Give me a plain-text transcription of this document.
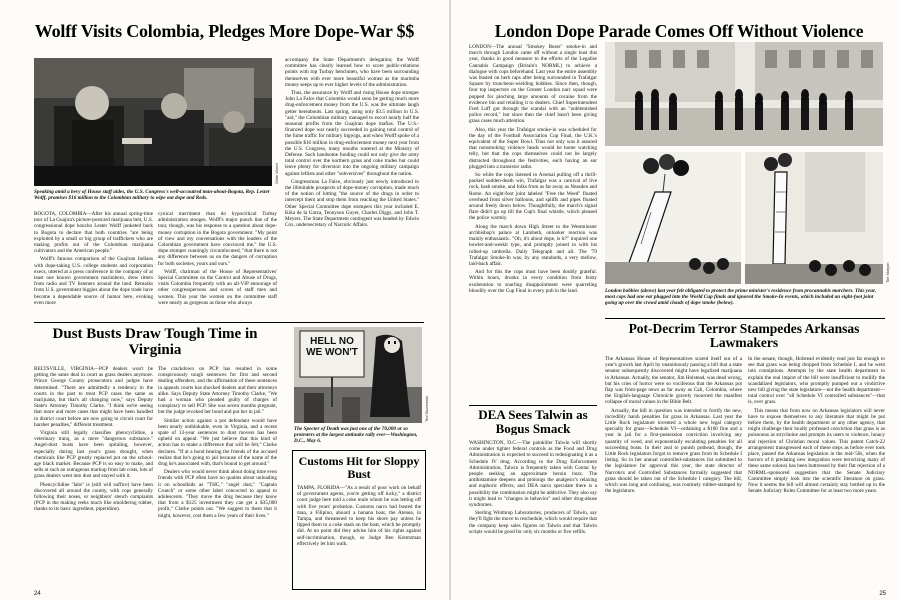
Wolff Visits Colombia, Pledges More Dope-War $$
Wide World
Speaking amid a bevy of House staff aides, the U.S. Congress's well-accoutred man-about-Bogota, Rep. Lester Wolff, promises $16 million to the Colombian military to wipe out dope and Reds.

BOGOTA, COLOMBIA—After his annual spring-time tour of La Guajira's picture-postcard marijuana belt, U.S. congressional dope honcho Lester Wolff junketed back to Bogota to declare that both countries "are being exploited by a small or big group of traffickers who are making profits out of the Colombian marijuana cultivators and the American people."

Wolff's fatuous comparison of the Guajiran Indians with dope-taking U.S. college students and corporation execs, uttered at a press conference in the company of at least one known government marimbero, drew titters from radio and TV listeners around the land. Remarks from U.S. government biggies about the dope trade have become a dependable source of humor here, evoking even more

cynical merriment than do hypocritical Turbay administration stooges. Wolff's major punch line of the tour, though, was his response to a question about dope-money corruption in the Bogota government. "My point of view and my conversations with the leaders of the Colombian government have convinced me," the U.S. dope stomper cunningly circumlocuted, "that there is not any difference between us on the dangers of corruption for both societies, yours and ours."

Wolff, chairman of the House of Representatives' Special Committee on the Control and Abuse of Drugs, visits Colombia frequently with an all-VIP entourage of other congresspersons and scores of staff men and women. This year the women on the committee staff were nearly as gorgeous as those who always

accompany the State Department's delegation; the Wolff committee has clearly learned how to score public-relations points with top Turbay henchmen, who have been surrounding themselves with ever more beautiful women as the marimba money seeps up to ever higher levels of the administration.

Thus, the assurance by Wolff and rising House dope stomper John La Falce that Colombia would soon be getting much more drug-enforcement money from the U.S. was the ultimate laugh getter hereabouts. Last spring, using only $3.5 million in U.S. "aid," the Colombian military managed to escort nearly half the seasonal profits from the Guajiran dope mafias. The U.S.-financed dope war nearly succeeded in gaining total control of the fume traffic for military bigwigs, and when Wolff spoke of a possible $16 million in drug-enforcement money next year from the U.S. Congress, many mouths watered at the Ministry of Defense. Such handsome funding could not only give the army total control over the northern grass and coke trades but could leave plenty for diversion into the ongoing military campaign against leftists and other "subversives" throughout the nation.

Congressman La Falce, obviously just newly introduced to the illimitable prospects of dope-money corruption, made much of the notion of hitting "the source of the drugs in order to intercept them and stop them from reaching the United States." Other Special Committee dope stompers this year included E. Kika de la Garza, Tennyson Guyer, Charles Diggs, and John T. Meyers. The State Department contingent was headed by Edwin Cox, undersecretary of Narcotic Affairs.

Dust Busts Draw Tough Time in Virginia

BELTSVILLE, VIRGINIA—PCP dealers won't be getting the same deal in court as grass dealers anymore. Prince George County prosecutors and judges have determined. "There are admittedly a tendency in the courts in the past to treat PCP cases the same as marijuana, but that's all changing now," says Deputy State's Attorney Timothy Clarke. "I think we're seeing that more and more cases that might have been handled in district court before are now going to circuit court for harsher penalties," different treatment.

Virginia still legally classifies phencyclidine, a veterinary tranq, as a mere "dangerous substance." Angel-dust busts have been spiraling, however, especially during last year's grass drought, when chemicals like PCP greatly replaced pot on the school-age black market. Because PCP is so easy to make, and sells at such an outrageous markup from lab costs, lots of grass dealers went into dust and stayed with it.

Phencyclidine "labs" is (still will suffice) have been discovered all around the county, with cops generally following their noses, or neighbors' stench complaints (PCP in the making reeks much like smoldering rubber, thanks to its basic ingredient, piperidine).

The crackdown on PCP has resulted in some conspicuously tough sentences for first and second dealing offenders, and the affirmation of these sentences in appeals courts has shocked dealers and their attorneys alike. Says Deputy State Attorney Timothy Clarke, "We had a woman who pleaded guilty of charges of conspiracy to sell PCP. She was seven months pregnant, but the judge revoked her bond and put her in jail."

Similar action against a pot defendant would have been nearly unthinkable, even in Virginia, and a recent spate of 13-year sentences to dust movers has been upheld on appeal. "We just believe that this kind of action has to make a difference that will be felt," Clarke declares. "If at a bond hearing the friends of the accused realize that he's going to jail because of the name of the drug he's associated with, that's bound to get around."

Dealers who would never think about doing time even friends with PCP often have no qualms about unloading it on schoolkids as "THC," "angel dust," "Captain Crunch" or some other label concocted to appeal to adolescents. "They move the drug because they know that from a $125 investment they can get a $35,000 profit," Clarke points out. "We suggest to them that it might, however, cost them a few years of their lives."

HELL NO
WE WON'T
Ted Skorewski
The Specter of Death was just one of the 70,000 or so protesters at the largest antinuke rally ever—Washington, D.C., May 6.
Customs Hit for Sloppy Bust

TAMPA, FLORIDA—"As a result of poor work on behalf of government agents, you're getting off lucky," a district court judge here told a coke mule whom he was letting off with five years' probation. Customs narcs had busted the man, a Filipino, aboard a banana boat, the Atenea, in Tampa, and threatened to keep his shore pay unless he tipped them to a coke stash on the boat, which he promptly did. At no point did they advise him of his rights against self-incrimination, though, so Judge Ben Krentzman effectively let him walk.

24
London Dope Parade Comes Off Without Violence

LONDON—The annual "Smokey Bears" smoke-in and march through London came off without a single bust this year, thanks in good measure to the efforts of the Legalise Cannabis Campaign (Britain's NORML) to achieve a dialogue with cops beforehand. Last year the entire assembly was busted on herb raps after being surrounded in Trafalgar Square by truncheon-wielding bobbies. Since then, though, four top inspectors on the Greater London narc squad were popped for pinching large amounts of cocaine from the evidence bin and retailing it to dealers. Chief Superintendent Fred Luff got through the scandal with an "unblemished police record," but since then the chief hasn't been giving grass cases much attention.

Also, this year the Trafalgar smoke-in was scheduled for the day of the Football Association Cup Final, the U.K.'s equivalent of the Super Bowl. Thus not only was it assured that nonsmoking violence heads would be home watching telly, but that the cops themselves could not be largely distracted throughout the festivities, each having an ear plugged into a transistor radio.

So while the cops listened to Arsenal pulling off a thrill-packed sudden-death win, Trafalgar was a carnival of live rock, hash smoke, and folks from as far away as Neasden and Rome. An eight-foot joint labeled "Free the Weed" floated overhead from silver balloons, and spliffs and pipes floated around freely down below. Thoughtfully, the march's signal flare didn't go up till the Cup's final whistle, which pleased the police warmly.

Along the march down High Street to the Westminster archbishop's palace at Lambeth, onlooker reaction was mainly enthusiastic. "Oh, it's about dope, is it?" inquired one bowler-and-weskit type, and promptly joined in with his rolled-up umbrella. Daily Telegraph and all. The '79 Trafalgar Smoke-In was, by any standards, a very mellow, laid-back affair.

And for this the cops must have been doubly grateful. Within hours, drunks in every condition from feisty exuberation to snarling disappointment were quarreling bloodily over the Cup Final in every pub in the land.

Tim Malyon
London bobbies (above) last year felt obligated to protect the prime minister's residence from procannabis marchers. This year, most cops had one ear plugged into the World Cup finals and ignored the Smoke-In events, which included an eight-foot joint going up over the crowd amid clouds of dope smoke (below).
DEA Sees Talwin as Bogus Smack

WASHINGTON, D.C.—The painkiller Talwin will shortly come under tighter federal controls as the Food and Drug Administration is expected to succeed in redesignating it as a Schedule IV drug. According to the Drug Enforcement Administration, Talwin is frequently taken with Contac by people seeking an approximate heroin buzz. The antihistamine deepens and prolongs the analgesic's relaxing and euphoric effects, and DEA narcs speculate there is a possibility the combination might be addictive. They also say it might lead to "changes in behavior" and other drug-abuse syndromes.

Sterling Winthrop Laboratories, producers of Talwin, say they'll fight the move to reschedule, which would require that the company keep sales figures on Talwin and that Talwin scripts would be good for only six months or five refills.

Pot-Decrim Terror Stampedes Arkansas Lawmakers

The Arkansas House of Representatives scared itself out of a year's growth last April by unanimously passing a bill that a state senator subsequently discovered might have legalized marijuana in Arkansas. Actually, the senator, Jim Holstead, was dead wrong, but his cries of horror were so vociferous that the Arkansas pot flap was front-page news as far away as Cali, Colombia, where the English-language Chronicle gravely mourned the manifest collapse of moral values in the Bible Belt.

Actually, the bill in question was intended to fortify the new, incredibly harsh penalties for grass in Arkansas. Last year the Little Rock legislature invented a whole new legal category specially for grass—Schedule VI—ordaining a $100 fine and a year in jail for a first-possession conviction involving any quantity of weed, and exponentially escalating penalties for all succeeding busts. In their zeal to punish pothead, though, the Little Rock legislators forgot to remove grass from its Schedule I listing. So in her annual controlled-substances list submitted to the legislature for approval this year, the state director of Narcotics and Controlled Substances formally suggested that grass should be taken out of the Schedule I category. The bill, which was long and confusing, was routinely rubber-stamped by the legislature.

In the senate, though, Holstead evidently read just far enough to see that grass was being dropped from Schedule I, and he went into conniptions. Attempts by the state health department to explain the real import of the bill were insufficient to mollify the scandalized legislators, who promptly pumped out a vindictive new bill giving the state legislature—not the health department—total control over "all Schedule VI controlled substances"—that is, over grass.

This means that from now on Arkansas legislators will never have to expose themselves to any literature that might be put before them, by the health department or any other agency, that might challenge their loudly professed conviction that grass is as poisonous as strychnine and prompts its users to violence, lunacy and rejection of Christian moral values. This patent Catch-22 arrangement transgressed each of these steps as before ever took place, passed the Arkansas legislation in the mid-'50s, when the horrors of it predating new integration were terrorizing many of these same solons) has been buttressed by their flat rejection of a NORML-sponsored suggestion that the Senate Judiciary Committee simply look into the scientific literature on grass. Now it seems the bill will almost certainly stay bottled up in the Senate Judiciary Rules Committee for at least two more years.

25
